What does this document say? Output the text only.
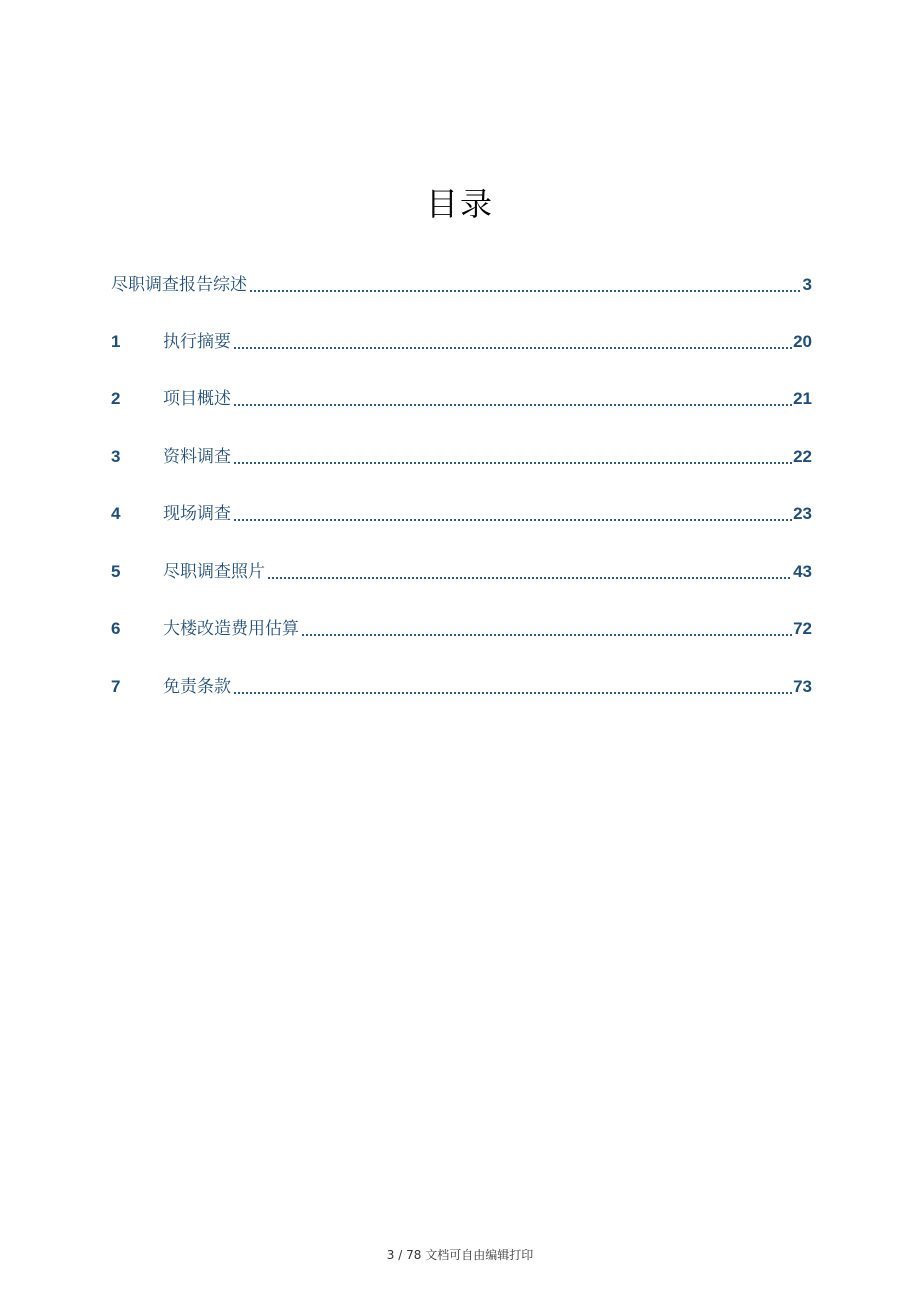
目录
尽职调查报告综述	3
1	执行摘要	20
2	项目概述	21
3	资料调查	22
4	现场调查	23
5	尽职调查照片	43
6	大楼改造费用估算	72
7	免责条款	73
3 / 78 文档可自由编辑打印
